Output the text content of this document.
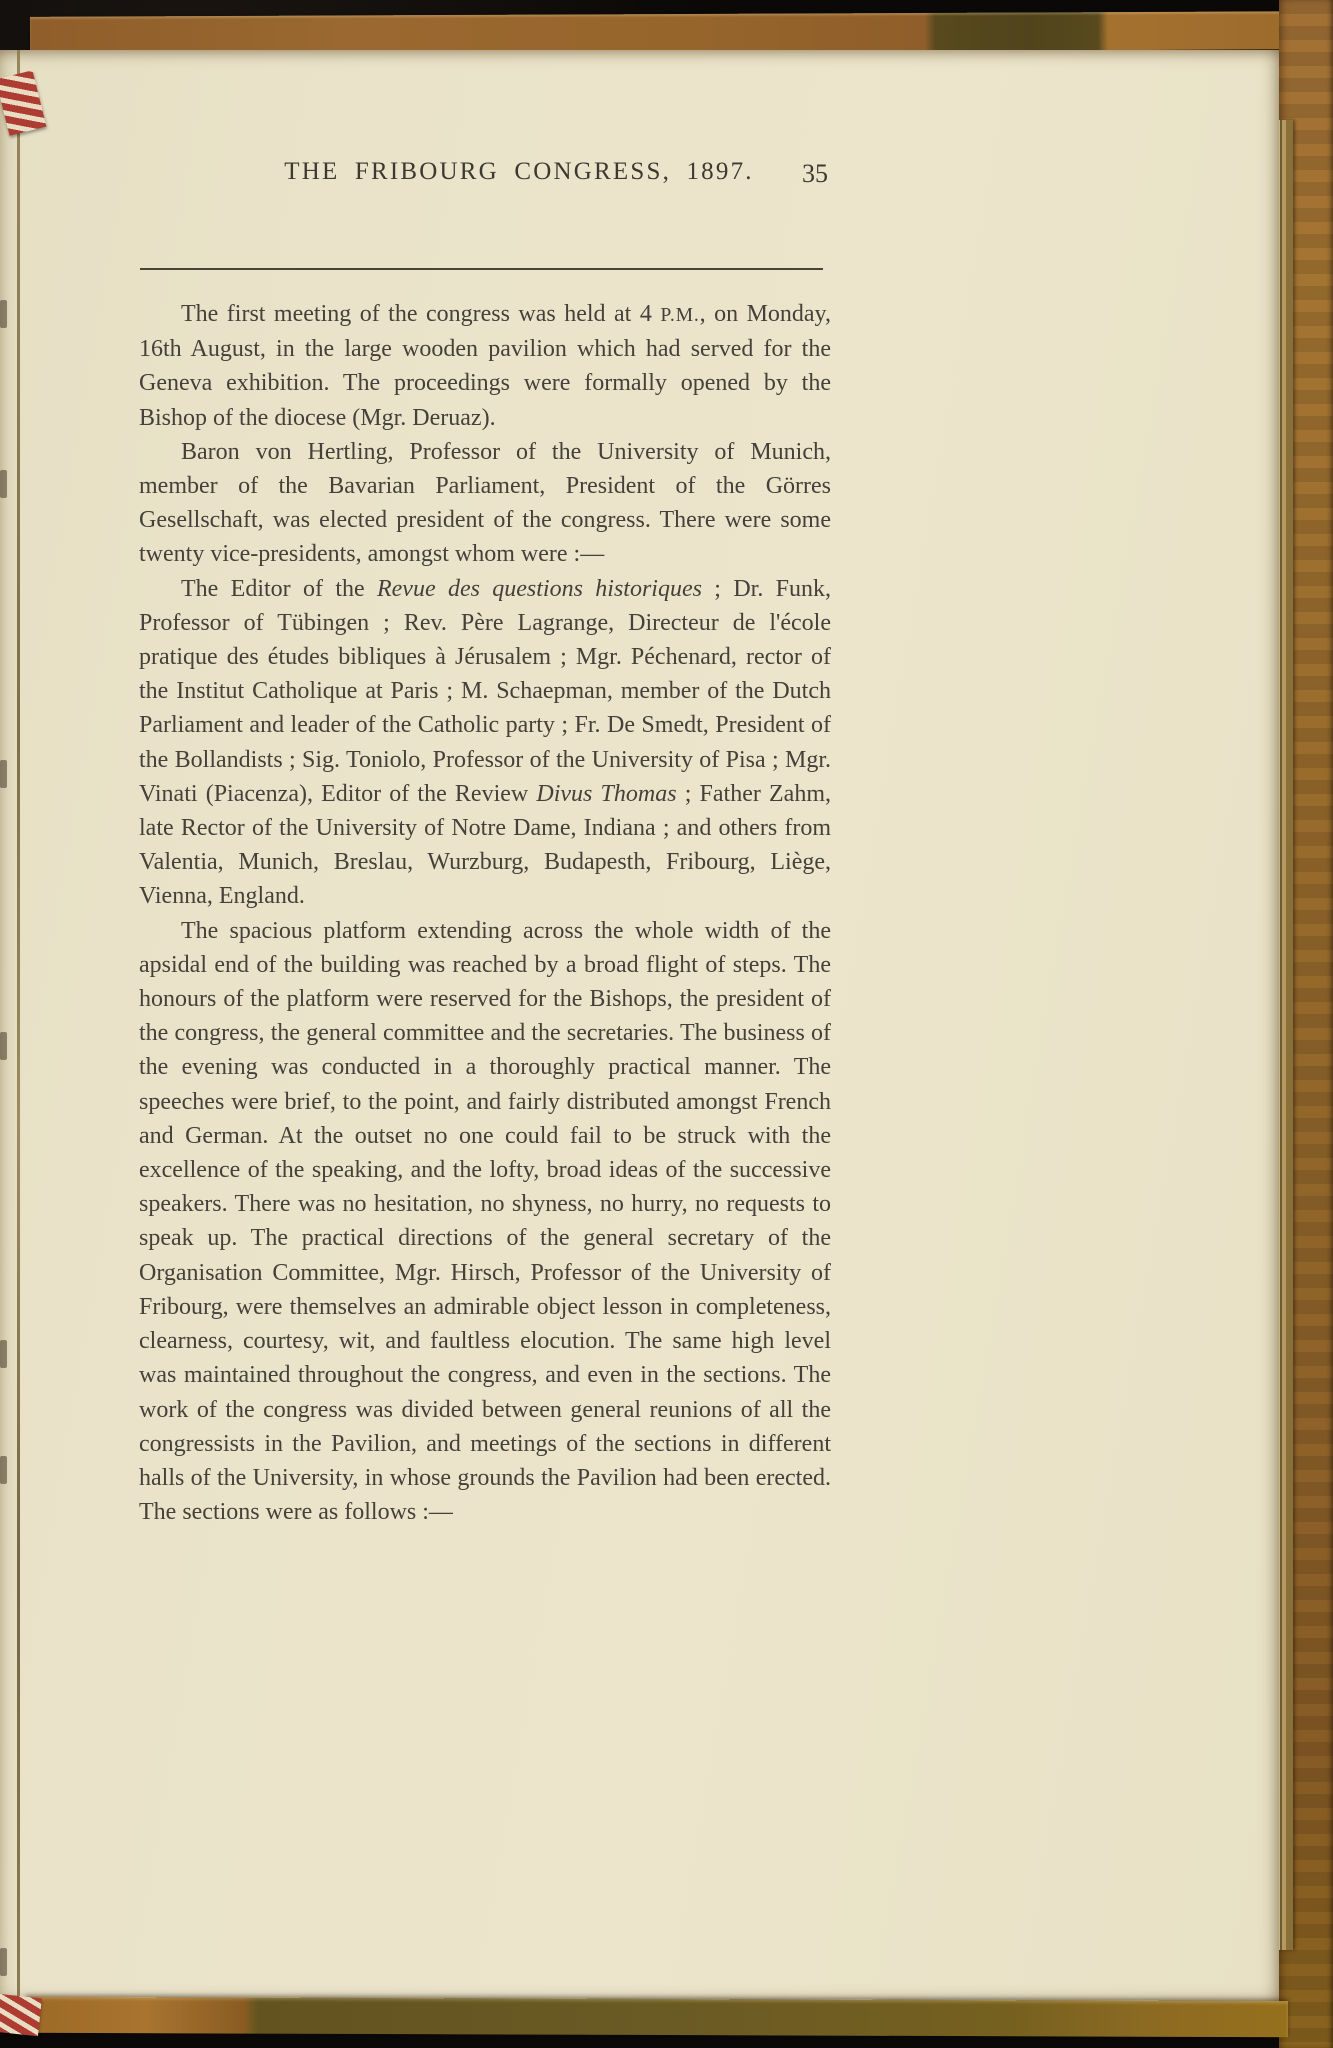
THE FRIBOURG CONGRESS, 1897.	35

The first meeting of the congress was held at 4 P.M., on Monday, 16th August, in the large wooden pavilion which had served for the Geneva exhibition. The proceedings were formally opened by the Bishop of the diocese (Mgr. Deruaz).

Baron von Hertling, Professor of the University of Munich, member of the Bavarian Parliament, President of the Görres Gesellschaft, was elected president of the congress. There were some twenty vice-presidents, amongst whom were :—

The Editor of the Revue des questions historiques ; Dr. Funk, Professor of Tübingen ; Rev. Père Lagrange, Directeur de l'école pratique des études bibliques à Jérusalem ; Mgr. Péchenard, rector of the Institut Catholique at Paris ; M. Schaepman, member of the Dutch Parliament and leader of the Catholic party ; Fr. De Smedt, President of the Bollandists ; Sig. Toniolo, Professor of the University of Pisa ; Mgr. Vinati (Piacenza), Editor of the Review Divus Thomas ; Father Zahm, late Rector of the University of Notre Dame, Indiana ; and others from Valentia, Munich, Breslau, Wurzburg, Budapesth, Fribourg, Liège, Vienna, England.

The spacious platform extending across the whole width of the apsidal end of the building was reached by a broad flight of steps. The honours of the platform were reserved for the Bishops, the president of the congress, the general committee and the secretaries. The business of the evening was conducted in a thoroughly practical manner. The speeches were brief, to the point, and fairly distributed amongst French and German. At the outset no one could fail to be struck with the excellence of the speaking, and the lofty, broad ideas of the successive speakers. There was no hesitation, no shyness, no hurry, no requests to speak up. The practical directions of the general secretary of the Organisation Committee, Mgr. Hirsch, Professor of the University of Fribourg, were themselves an admirable object lesson in completeness, clearness, courtesy, wit, and faultless elocution. The same high level was maintained throughout the congress, and even in the sections. The work of the congress was divided between general reunions of all the congressists in the Pavilion, and meetings of the sections in different halls of the University, in whose grounds the Pavilion had been erected. The sections were as follows :—
